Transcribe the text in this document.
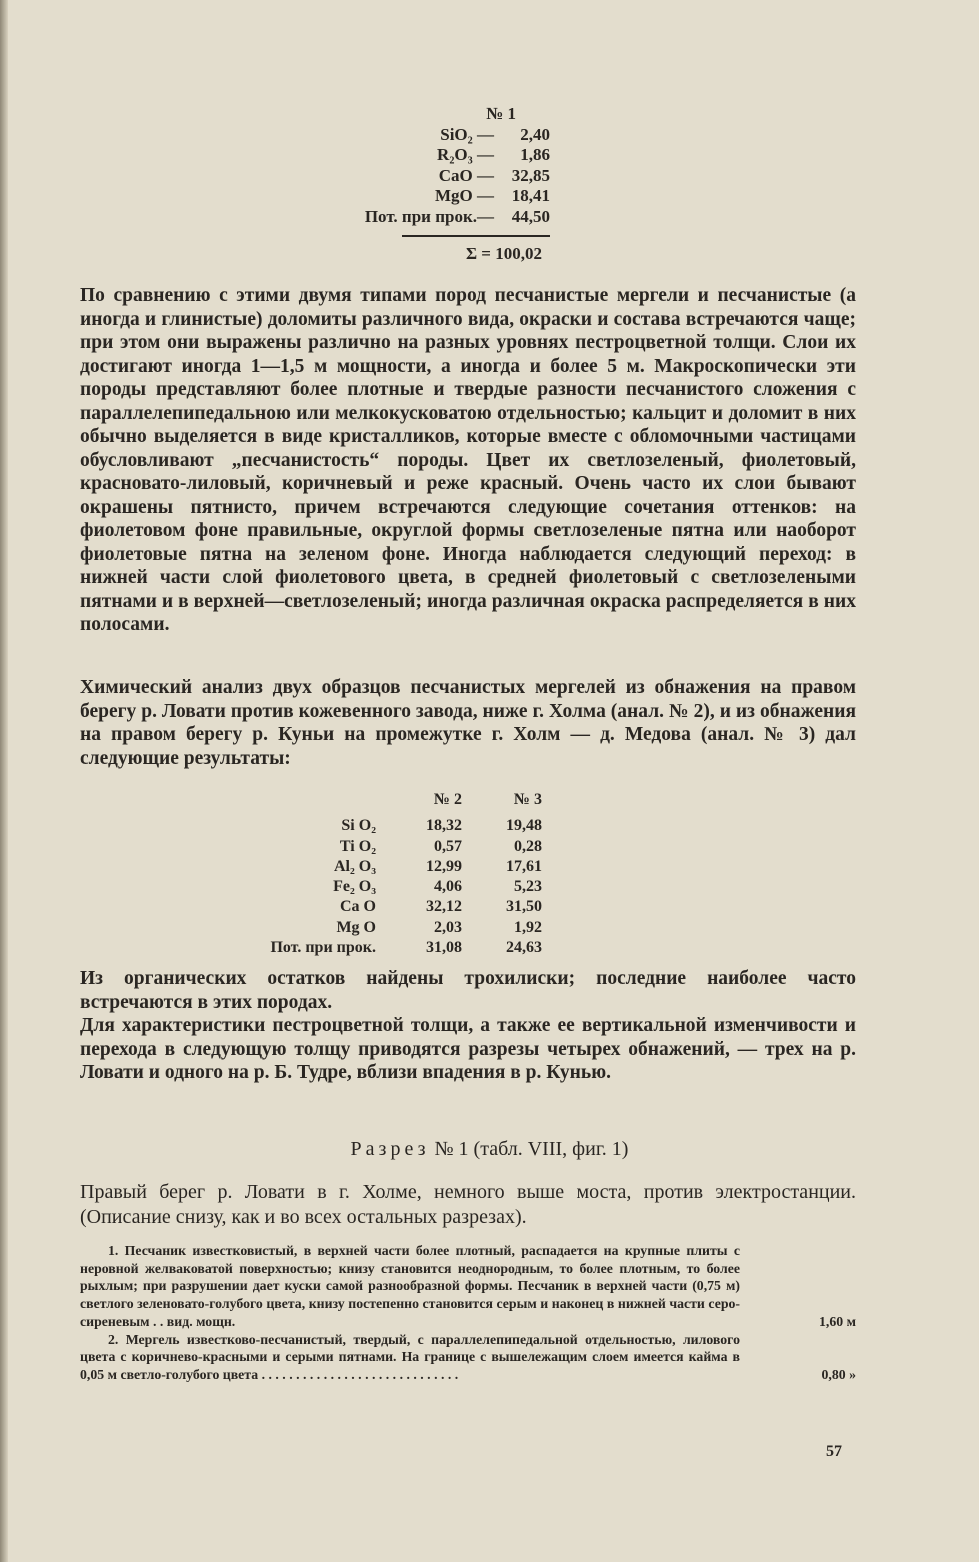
№ 1
SiO₂ —	2,40
R₂O₃ —	1,86
CaO —	32,85
MgO —	18,41
Пот. при прок.—	44,50
Σ = 100,02

По сравнению с этими двумя типами пород песчанистые мергели и песчанистые (а иногда и глинистые) доломиты различного вида, окраски и состава встречаются чаще; при этом они выражены различно на разных уровнях пестроцветной толщи. Слои их достигают иногда 1—1,5 м мощности, а иногда и более 5 м. Макроскопически эти породы представляют более плотные и твердые разности песчанистого сложения с параллелепипедальною или мелкокусковатою отдельностью; кальцит и доломит в них обычно выделяется в виде кристалликов, которые вместе с обломочными частицами обусловливают „песчанистость“ породы. Цвет их светлозеленый, фиолетовый, красновато-лиловый, коричневый и реже красный. Очень часто их слои бывают окрашены пятнисто, причем встречаются следующие сочетания оттенков: на фиолетовом фоне правильные, округлой формы светлозеленые пятна или наоборот фиолетовые пятна на зеленом фоне. Иногда наблюдается следующий переход: в нижней части слой фиолетового цвета, в средней фиолетовый с светлозелеными пятнами и в верхней—светлозеленый; иногда различная окраска распределяется в них полосами.

Химический анализ двух образцов песчанистых мергелей из обнажения на правом берегу р. Ловати против кожевенного завода, ниже г. Холма (анал. № 2), и из обнажения на правом берегу р. Куньи на промежутке г. Холм — д. Медова (анал. № 3) дал следующие результаты:

	№ 2	№ 3
Si O₂	18,32	19,48
Ti O₂	0,57	0,28
Al₂ O₃	12,99	17,61
Fe₂ O₃	4,06	5,23
Ca O	32,12	31,50
Mg O	2,03	1,92
Пот. при прок.	31,08	24,63

Из органических остатков найдены трохилиски; последние наиболее часто встречаются в этих породах.

Для характеристики пестроцветной толщи, а также ее вертикальной изменчивости и перехода в следующую толщу приводятся разрезы четырех обнажений, — трех на р. Ловати и одного на р. Б. Тудре, вблизи впадения в р. Кунью.

Разрез № 1 (табл. VIII, фиг. 1)

Правый берег р. Ловати в г. Холме, немного выше моста, против электростанции. (Описание снизу, как и во всех остальных разрезах).

1. Песчаник известковистый, в верхней части более плотный, распадается на крупные плиты с неровной желваковатой поверхностью; книзу становится неоднородным, то более плотным, то более рыхлым; при разрушении дает куски самой разнообразной формы. Песчаник в верхней части (0,75 м) светлого зеленовато-голубого цвета, книзу постепенно становится серым и наконец в нижней части серо-сиреневым . . вид. мощн.	1,60 м
2. Мергель известково-песчанистый, твердый, с параллелепипедальной отдельностью, лилового цвета с коричнево-красными и серыми пятнами. На границе с вышележащим слоем имеется кайма в 0,05 м светло-голубого цвета . . . . . . . . . . . . . . . . . . . . . . . . . . . . .	0,80 »
57
